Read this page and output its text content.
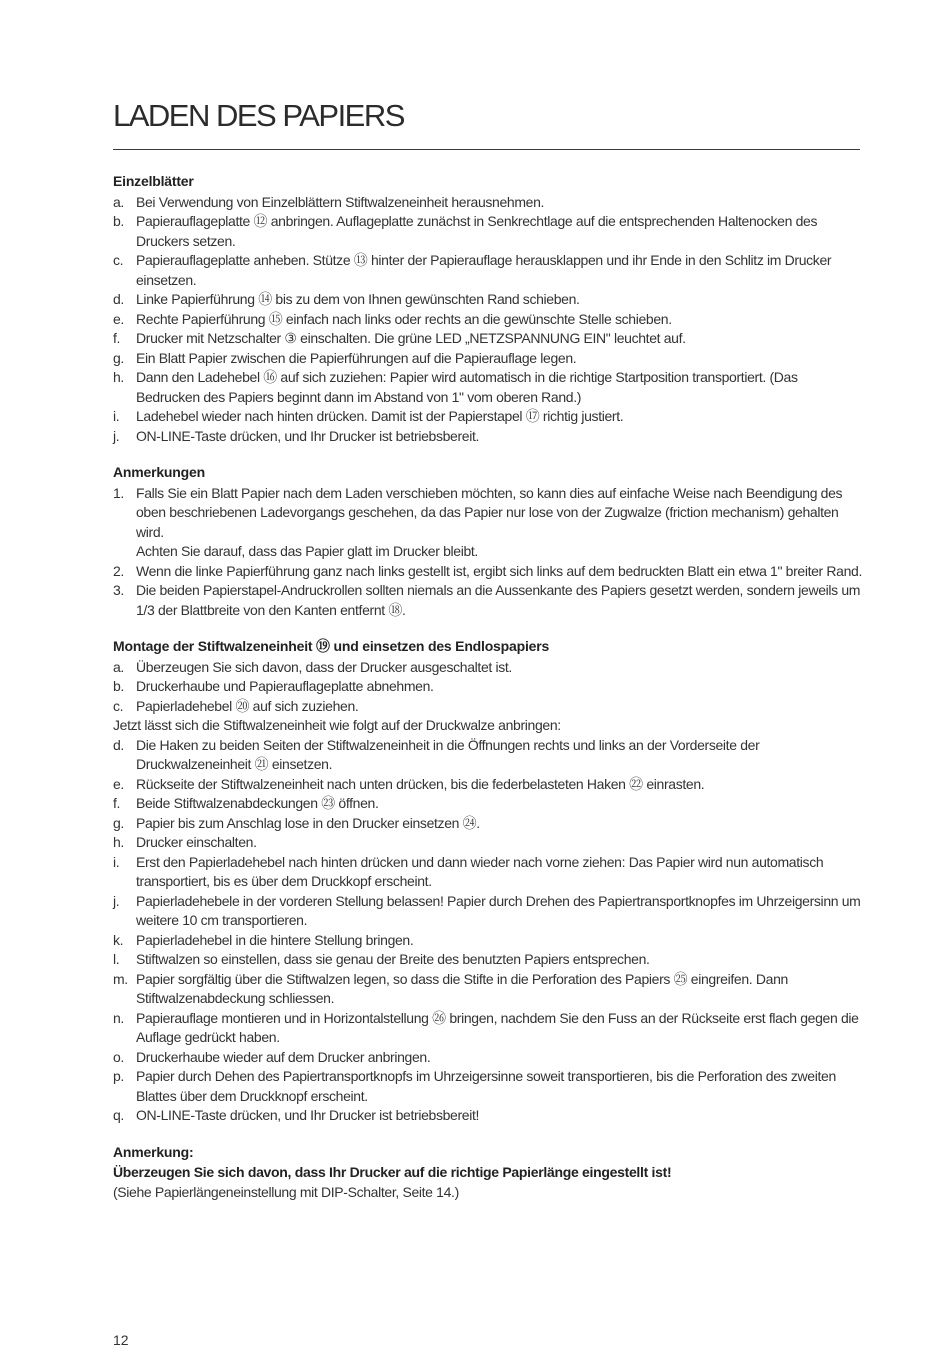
LADEN DES PAPIERS
Einzelblätter
a. Bei Verwendung von Einzelblättern Stiftwalzeneinheit herausnehmen.
b. Papierauflageplatte ⑫ anbringen. Auflageplatte zunächst in Senkrechtlage auf die entsprechenden Haltenocken des Druckers setzen.
c. Papierauflageplatte anheben. Stütze ⑬ hinter der Papierauflage herausklappen und ihr Ende in den Schlitz im Drucker einsetzen.
d. Linke Papierführung ⑭ bis zu dem von Ihnen gewünschten Rand schieben.
e. Rechte Papierführung ⑮ einfach nach links oder rechts an die gewünschte Stelle schieben.
f.	Drucker mit Netzschalter ③ einschalten. Die grüne LED „NETZSPANNUNG EIN" leuchtet auf.
g. Ein Blatt Papier zwischen die Papierführungen auf die Papierauflage legen.
h. Dann den Ladehebel ⑯ auf sich zuziehen: Papier wird automatisch in die richtige Startposition transportiert. (Das Bedrucken des Papiers beginnt dann im Abstand von 1" vom oberen Rand.)
i.	Ladehebel wieder nach hinten drücken. Damit ist der Papierstapel ⑰ richtig justiert.
j.	ON-LINE-Taste drücken, und Ihr Drucker ist betriebsbereit.
Anmerkungen
1. Falls Sie ein Blatt Papier nach dem Laden verschieben möchten, so kann dies auf einfache Weise nach Beendigung des oben beschriebenen Ladevorgangs geschehen, da das Papier nur lose von der Zugwalze (friction mechanism) gehalten wird.
Achten Sie darauf, dass das Papier glatt im Drucker bleibt.
2. Wenn die linke Papierführung ganz nach links gestellt ist, ergibt sich links auf dem bedruckten Blatt ein etwa 1" breiter Rand.
3. Die beiden Papierstapel-Andruckrollen sollten niemals an die Aussenkante des Papiers gesetzt werden, sondern jeweils um 1/3 der Blattbreite von den Kanten entfernt ⑱.
Montage der Stiftwalzeneinheit ⑲ und einsetzen des Endlospapiers
a. Überzeugen Sie sich davon, dass der Drucker ausgeschaltet ist.
b. Druckerhaube und Papierauflageplatte abnehmen.
c. Papierladehebel ⑳ auf sich zuziehen.

Jetzt lässt sich die Stiftwalzeneinheit wie folgt auf der Druckwalze anbringen:

d. Die Haken zu beiden Seiten der Stiftwalzeneinheit in die Öffnungen rechts und links an der Vorderseite der Druckwalzeneinheit ㉑ einsetzen.
e. Rückseite der Stiftwalzeneinheit nach unten drücken, bis die federbelasteten Haken ㉒ einrasten.
f.	Beide Stiftwalzenabdeckungen ㉓ öffnen.
g. Papier bis zum Anschlag lose in den Drucker einsetzen ㉔.
h. Drucker einschalten.
i.	Erst den Papierladehebel nach hinten drücken und dann wieder nach vorne ziehen: Das Papier wird nun automatisch transportiert, bis es über dem Druckkopf erscheint.
j.	Papierladehebele in der vorderen Stellung belassen! Papier durch Drehen des Papiertransportknopfes im Uhrzeigersinn um weitere 10 cm transportieren.
k. Papierladehebel in die hintere Stellung bringen.
l.	Stiftwalzen so einstellen, dass sie genau der Breite des benutzten Papiers entsprechen.
m. Papier sorgfältig über die Stiftwalzen legen, so dass die Stifte in die Perforation des Papiers ㉕ eingreifen. Dann Stiftwalzenabdeckung schliessen.
n. Papierauflage montieren und in Horizontalstellung ㉖ bringen, nachdem Sie den Fuss an der Rückseite erst flach gegen die Auflage gedrückt haben.
o. Druckerhaube wieder auf dem Drucker anbringen.
p. Papier durch Dehen des Papiertransportknopfs im Uhrzeigersinne soweit transportieren, bis die Perforation des zweiten Blattes über dem Druckknopf erscheint.
q. ON-LINE-Taste drücken, und Ihr Drucker ist betriebsbereit!
Anmerkung:

Überzeugen Sie sich davon, dass Ihr Drucker auf die richtige Papierlänge eingestellt ist!

(Siehe Papierlängeneinstellung mit DIP-Schalter, Seite 14.)

12
